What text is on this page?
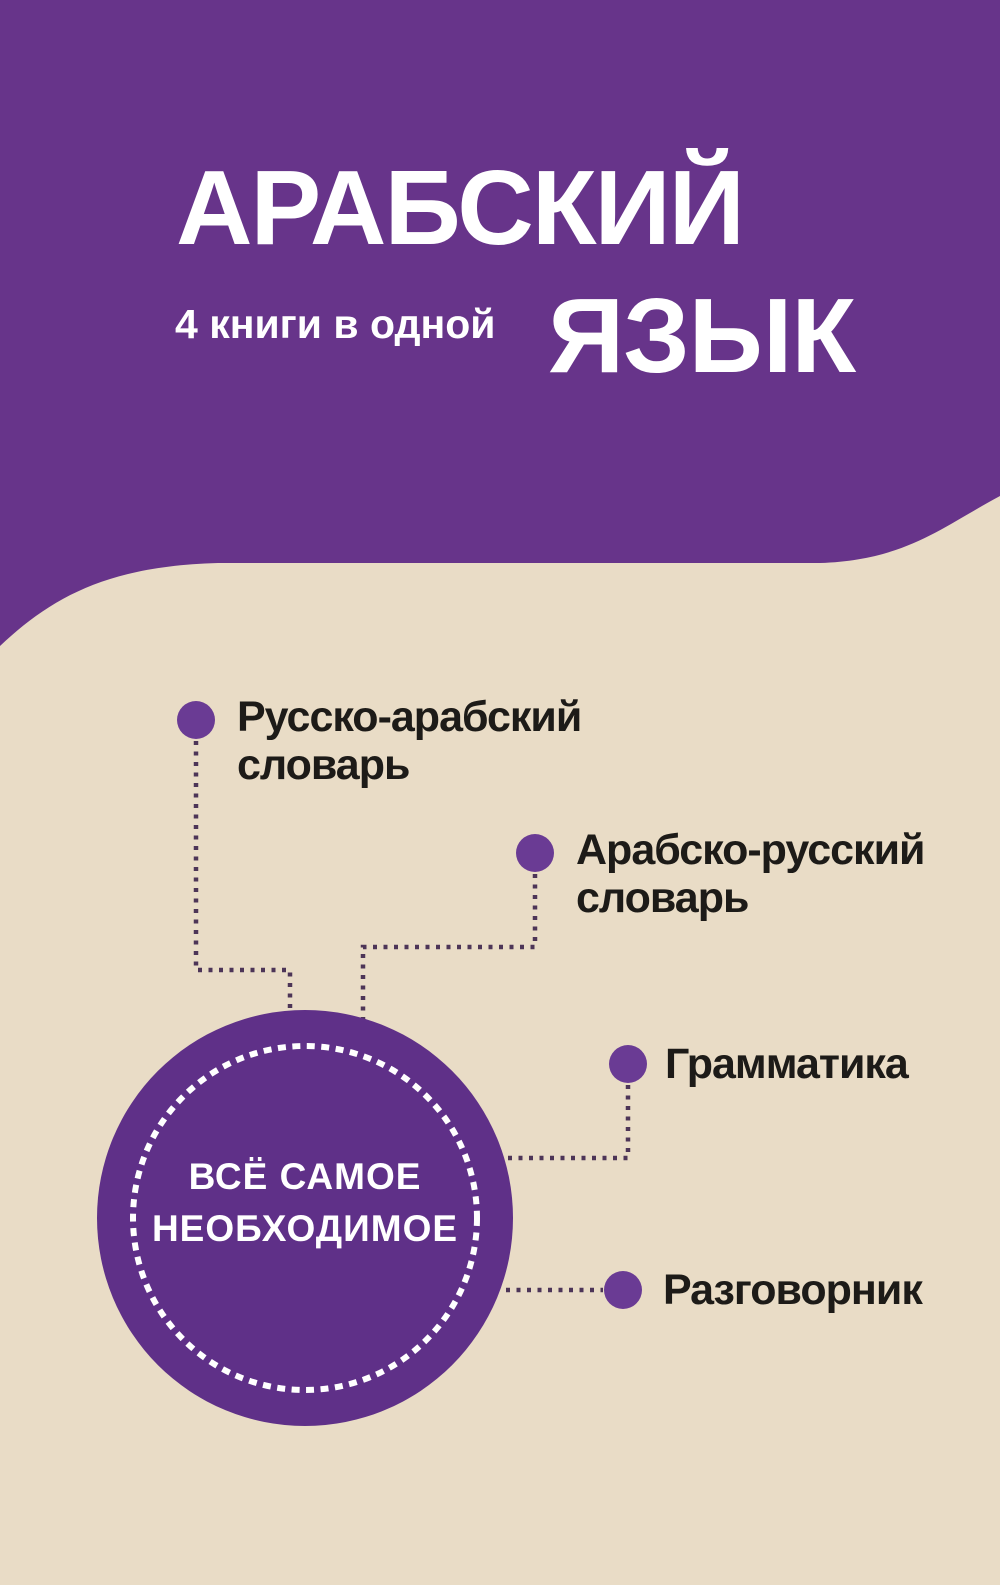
АРАБСКИЙ
4 книги в одной ЯЗЫК
Русско-арабский
словарь
Арабско-русский
словарь
Грамматика
Разговорник
ВСЁ САМОЕ
НЕОБХОДИМОЕ
